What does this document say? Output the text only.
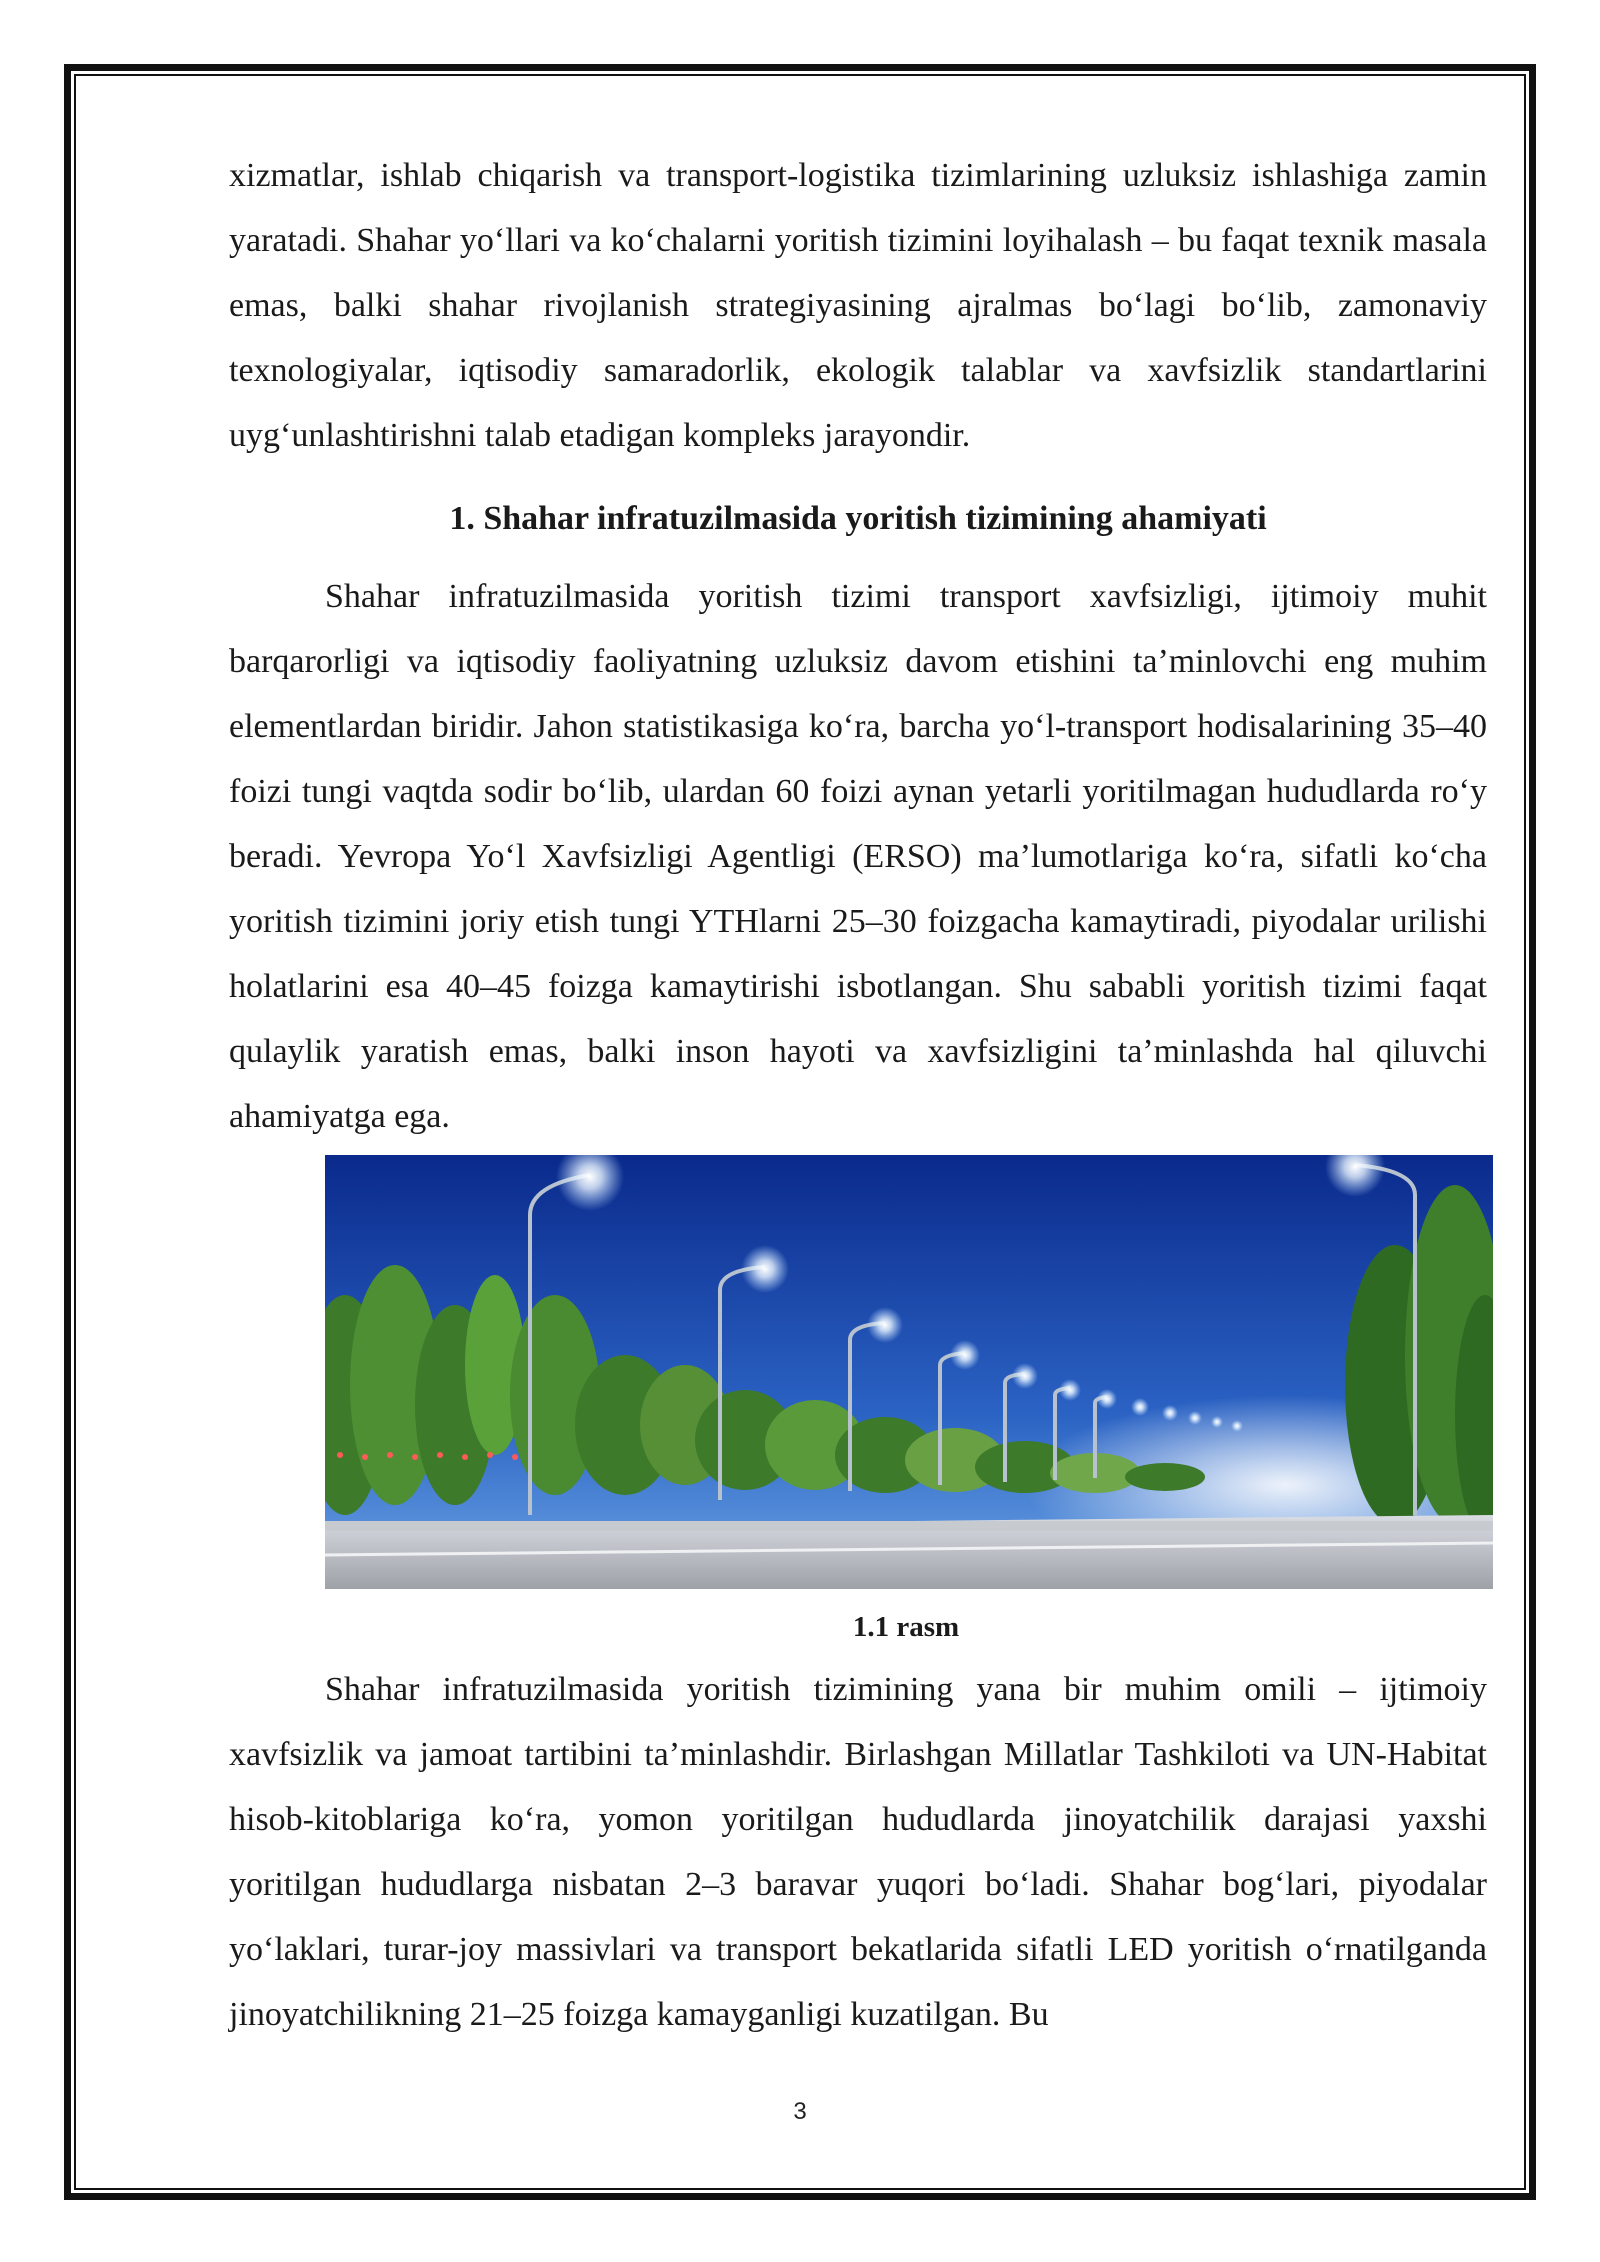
xizmatlar, ishlab chiqarish va transport-logistika tizimlarining uzluksiz ishlashiga zamin yaratadi. Shahar yo‘llari va ko‘chalarni yoritish tizimini loyihalash – bu faqat texnik masala emas, balki shahar rivojlanish strategiyasining ajralmas bo‘lagi bo‘lib, zamonaviy texnologiyalar, iqtisodiy samaradorlik, ekologik talablar va xavfsizlik standartlarini uyg‘unlashtirishni talab etadigan kompleks jarayondir.

1. Shahar infratuzilmasida yoritish tizimining ahamiyati

Shahar infratuzilmasida yoritish tizimi transport xavfsizligi, ijtimoiy muhit barqarorligi va iqtisodiy faoliyatning uzluksiz davom etishini ta’minlovchi eng muhim elementlardan biridir. Jahon statistikasiga ko‘ra, barcha yo‘l-transport hodisalarining 35–40 foizi tungi vaqtda sodir bo‘lib, ulardan 60 foizi aynan yetarli yoritilmagan hududlarda ro‘y beradi. Yevropa Yo‘l Xavfsizligi Agentligi (ERSO) ma’lumotlariga ko‘ra, sifatli ko‘cha yoritish tizimini joriy etish tungi YTHlarni 25–30 foizgacha kamaytiradi, piyodalar urilishi holatlarini esa 40–45 foizga kamaytirishi isbotlangan. Shu sababli yoritish tizimi faqat qulaylik yaratish emas, balki inson hayoti va xavfsizligini ta’minlashda hal qiluvchi ahamiyatga ega.

1.1 rasm

Shahar infratuzilmasida yoritish tizimining yana bir muhim omili – ijtimoiy xavfsizlik va jamoat tartibini ta’minlashdir. Birlashgan Millatlar Tashkiloti va UN-Habitat hisob-kitoblariga ko‘ra, yomon yoritilgan hududlarda jinoyatchilik darajasi yaxshi yoritilgan hududlarga nisbatan 2–3 baravar yuqori bo‘ladi. Shahar bog‘lari, piyodalar yo‘laklari, turar-joy massivlari va transport bekatlarida sifatli LED yoritish o‘rnatilganda jinoyatchilikning 21–25 foizga kamayganligi kuzatilgan. Bu

3
